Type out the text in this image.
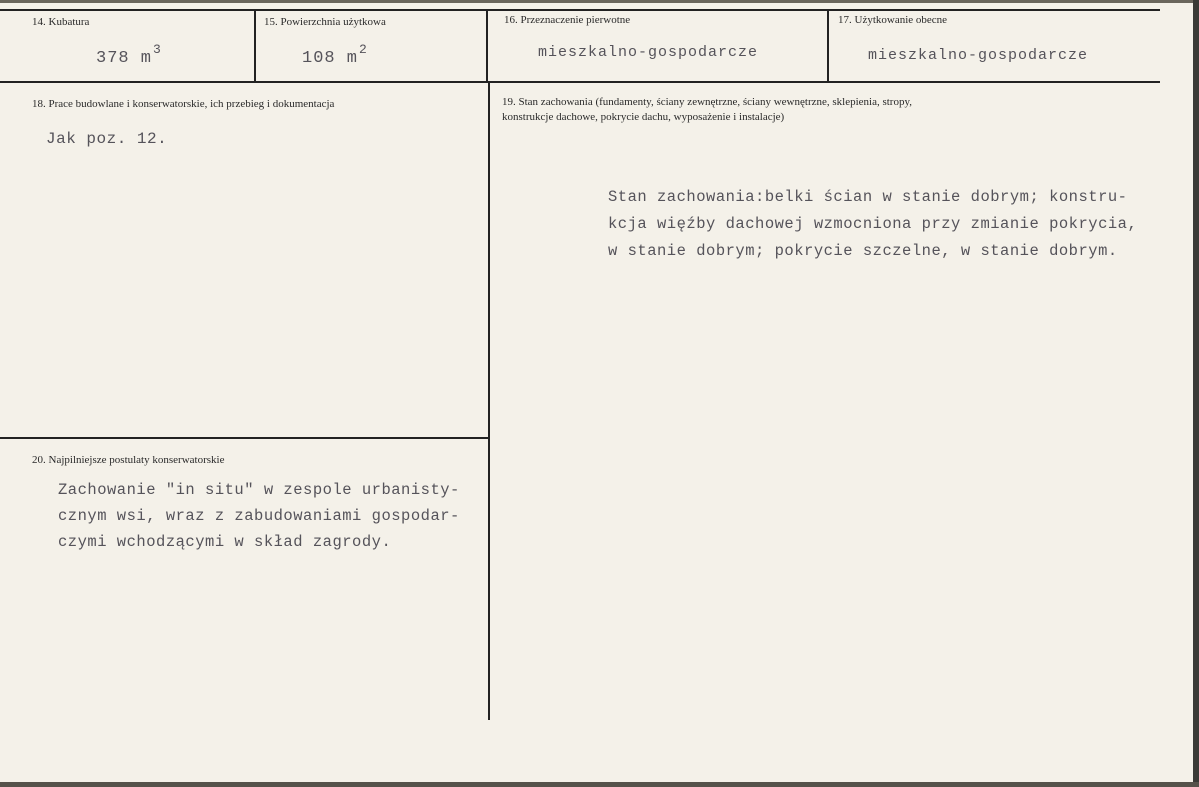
14. Kubatura
378 $m^3$
15. Powierzchnia użytkowa
108 $m^2$
16. Przeznaczenie pierwotne
mieszkalno-gospodarcze
17. Użytkowanie obecne
mieszkalno-gospodarcze
18. Prace budowlane i konserwatorskie, ich przebieg i dokumentacja
Jak poz. 12.
19. Stan zachowania (fundamenty, ściany zewnętrzne, ściany wewnętrzne, sklepienia, stropy,
konstrukcje dachowe, pokrycie dachu, wyposażenie i instalacje)
Stan zachowania:belki ścian w stanie dobrym; konstru-
kcja więźby dachowej wzmocniona przy zmianie pokrycia,
w stanie dobrym; pokrycie szczelne, w stanie dobrym.
20. Najpilniejsze postulaty konserwatorskie
Zachowanie "in situ" w zespole urbanisty-
cznym wsi, wraz z zabudowaniami gospodar-
czymi wchodzącymi w skład zagrody.
